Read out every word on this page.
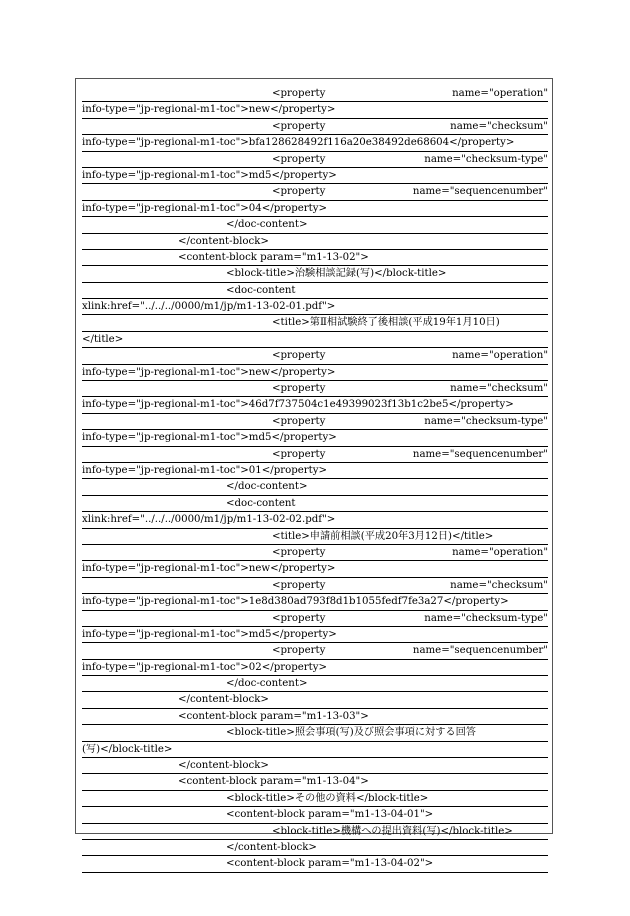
<property	name="operation"
info-type="jp-regional-m1-toc">new</property>
<property	name="checksum"
info-type="jp-regional-m1-toc">bfa128628492f116a20e38492de68604</property>
<property	name="checksum-type"
info-type="jp-regional-m1-toc">md5</property>
<property	name="sequencenumber"
info-type="jp-regional-m1-toc">04</property>
</doc-content>
</content-block>
<content-block param="m1-13-02">
<block-title>治験相談記録(写)</block-title>
<doc-content
xlink:href="../../../0000/m1/jp/m1-13-02-01.pdf">
<title>第Ⅱ相試験終了後相談(平成19年1月10日)
</title>
<property	name="operation"
info-type="jp-regional-m1-toc">new</property>
<property	name="checksum"
info-type="jp-regional-m1-toc">46d7f737504c1e49399023f13b1c2be5</property>
<property	name="checksum-type"
info-type="jp-regional-m1-toc">md5</property>
<property	name="sequencenumber"
info-type="jp-regional-m1-toc">01</property>
</doc-content>
<doc-content
xlink:href="../../../0000/m1/jp/m1-13-02-02.pdf">
<title>申請前相談(平成20年3月12日)</title>
<property	name="operation"
info-type="jp-regional-m1-toc">new</property>
<property	name="checksum"
info-type="jp-regional-m1-toc">1e8d380ad793f8d1b1055fedf7fe3a27</property>
<property	name="checksum-type"
info-type="jp-regional-m1-toc">md5</property>
<property	name="sequencenumber"
info-type="jp-regional-m1-toc">02</property>
</doc-content>
</content-block>
<content-block param="m1-13-03">
<block-title>照会事項(写)及び照会事項に対する回答
(写)</block-title>
</content-block>
<content-block param="m1-13-04">
<block-title>その他の資料</block-title>
<content-block param="m1-13-04-01">
<block-title>機構への提出資料(写)</block-title>
</content-block>
<content-block param="m1-13-04-02">
